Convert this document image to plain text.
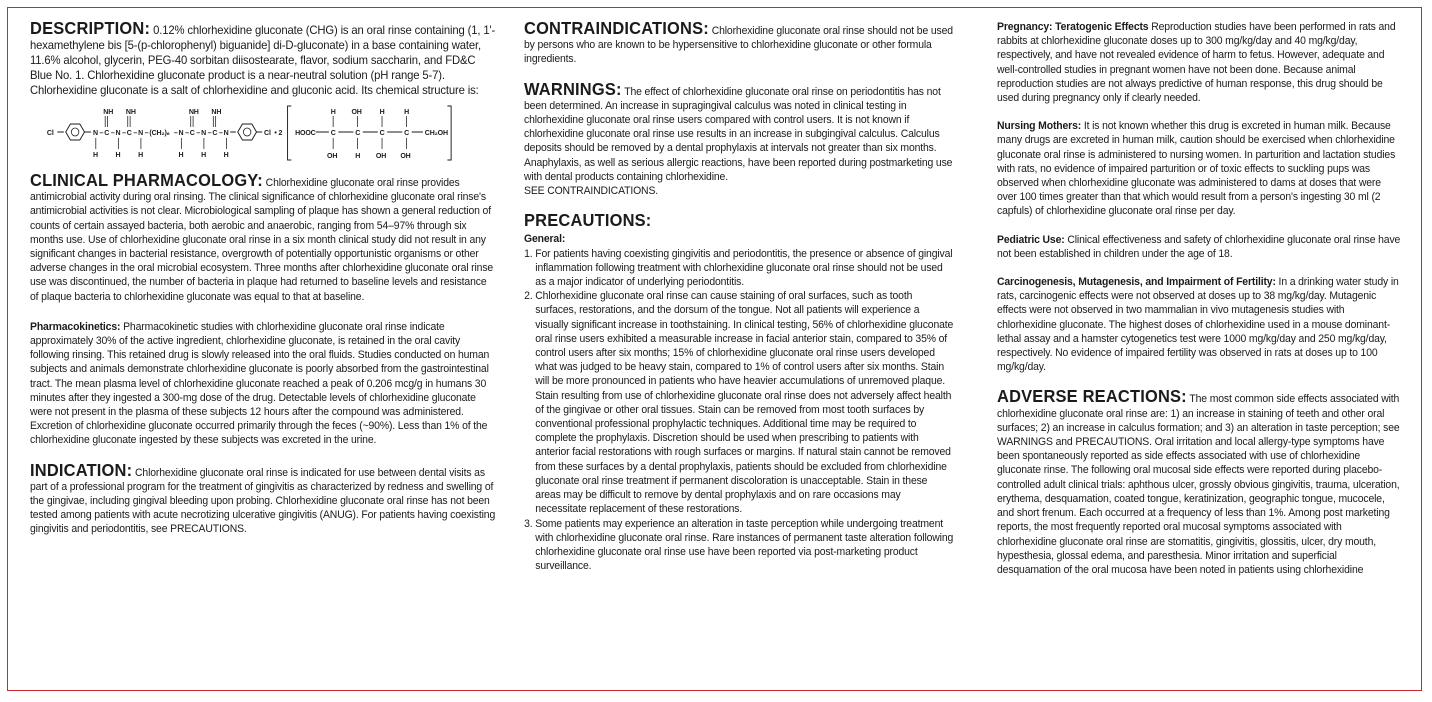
DESCRIPTION: 0.12% chlorhexidine gluconate (CHG) is an oral rinse containing (1, 1'-hexamethylene bis [5-(p-chlorophenyl) biguanide] di-D-gluconate) in a base containing water, 11.6% alcohol, glycerin, PEG-40 sorbitan diisostearate, flavor, sodium saccharin, and FD&C Blue No. 1. Chlorhexidine gluconate product is a near-neutral solution (pH range 5-7). Chlorhexidine gluconate is a salt of chlorhexidine and gluconic acid. Its chemical structure is:

Cl	N – C – N – C – N – (CH₂)₆ – N – C – N – C – N	Cl • 2
NH NH	NH NH
H H H	H H H
HOOC C	C	C	C CH₂OH
H OH H	H
OH H OH OH

CLINICAL PHARMACOLOGY: Chlorhexidine gluconate oral rinse provides antimicrobial activity during oral rinsing. The clinical significance of chlorhexidine gluconate oral rinse's antimicrobial activities is not clear. Microbiological sampling of plaque has shown a general reduction of counts of certain assayed bacteria, both aerobic and anaerobic, ranging from 54–97% through six months use. Use of chlorhexidine gluconate oral rinse in a six month clinical study did not result in any significant changes in bacterial resistance, overgrowth of potentially opportunistic organisms or other adverse changes in the oral microbial ecosystem. Three months after chlorhexidine gluconate oral rinse use was discontinued, the number of bacteria in plaque had returned to baseline levels and resistance of plaque bacteria to chlorhexidine gluconate was equal to that at baseline.

Pharmacokinetics: Pharmacokinetic studies with chlorhexidine gluconate oral rinse indicate approximately 30% of the active ingredient, chlorhexidine gluconate, is retained in the oral cavity following rinsing. This retained drug is slowly released into the oral fluids. Studies conducted on human subjects and animals demonstrate chlorhexidine gluconate is poorly absorbed from the gastrointestinal tract. The mean plasma level of chlorhexidine gluconate reached a peak of 0.206 mcg/g in humans 30 minutes after they ingested a 300-mg dose of the drug. Detectable levels of chlorhexidine gluconate were not present in the plasma of these subjects 12 hours after the compound was administered. Excretion of chlorhexidine gluconate occurred primarily through the feces (~90%). Less than 1% of the chlorhexidine gluconate ingested by these subjects was excreted in the urine.

INDICATION: Chlorhexidine gluconate oral rinse is indicated for use between dental visits as part of a professional program for the treatment of gingivitis as characterized by redness and swelling of the gingivae, including gingival bleeding upon probing. Chlorhexidine gluconate oral rinse has not been tested among patients with acute necrotizing ulcerative gingivitis (ANUG). For patients having coexisting gingivitis and periodontitis, see PRECAUTIONS.

CONTRAINDICATIONS: Chlorhexidine gluconate oral rinse should not be used by persons who are known to be hypersensitive to chlorhexidine gluconate or other formula ingredients.

WARNINGS: The effect of chlorhexidine gluconate oral rinse on periodontitis has not been determined. An increase in supragingival calculus was noted in clinical testing in chlorhexidine gluconate oral rinse users compared with control users. It is not known if chlorhexidine gluconate oral rinse use results in an increase in subgingival calculus. Calculus deposits should be removed by a dental prophylaxis at intervals not greater than six months. Anaphylaxis, as well as serious allergic reactions, have been reported during postmarketing use with dental products containing chlorhexidine.

SEE CONTRAINDICATIONS.

PRECAUTIONS:
General:
1. For patients having coexisting gingivitis and periodontitis, the presence or absence of gingival inflammation following treatment with chlorhexidine gluconate oral rinse should not be used as a major indicator of underlying periodontitis.
2. Chlorhexidine gluconate oral rinse can cause staining of oral surfaces, such as tooth surfaces, restorations, and the dorsum of the tongue. Not all patients will experience a visually significant increase in toothstaining. In clinical testing, 56% of chlorhexidine gluconate oral rinse users exhibited a measurable increase in facial anterior stain, compared to 35% of control users after six months; 15% of chlorhexidine gluconate oral rinse users developed what was judged to be heavy stain, compared to 1% of control users after six months. Stain will be more pronounced in patients who have heavier accumulations of unremoved plaque. Stain resulting from use of chlorhexidine gluconate oral rinse does not adversely affect health of the gingivae or other oral tissues. Stain can be removed from most tooth surfaces by conventional professional prophylactic techniques. Additional time may be required to complete the prophylaxis. Discretion should be used when prescribing to patients with anterior facial restorations with rough surfaces or margins. If natural stain cannot be removed from these surfaces by a dental prophylaxis, patients should be excluded from chlorhexidine gluconate oral rinse treatment if permanent discoloration is unacceptable. Stain in these areas may be difficult to remove by dental prophylaxis and on rare occasions may necessitate replacement of these restorations.
3. Some patients may experience an alteration in taste perception while undergoing treatment with chlorhexidine gluconate oral rinse. Rare instances of permanent taste alteration following chlorhexidine gluconate oral rinse use have been reported via post-marketing product surveillance.

Pregnancy: Teratogenic Effects Reproduction studies have been performed in rats and rabbits at chlorhexidine gluconate doses up to 300 mg/kg/day and 40 mg/kg/day, respectively, and have not revealed evidence of harm to fetus. However, adequate and well-controlled studies in pregnant women have not been done. Because animal reproduction studies are not always predictive of human response, this drug should be used during pregnancy only if clearly needed.

Nursing Mothers: It is not known whether this drug is excreted in human milk. Because many drugs are excreted in human milk, caution should be exercised when chlorhexidine gluconate oral rinse is administered to nursing women. In parturition and lactation studies with rats, no evidence of impaired parturition or of toxic effects to suckling pups was observed when chlorhexidine gluconate was administered to dams at doses that were over 100 times greater than that which would result from a person's ingesting 30 ml (2 capfuls) of chlorhexidine gluconate oral rinse per day.

Pediatric Use: Clinical effectiveness and safety of chlorhexidine gluconate oral rinse have not been established in children under the age of 18.

Carcinogenesis, Mutagenesis, and Impairment of Fertility: In a drinking water study in rats, carcinogenic effects were not observed at doses up to 38 mg/kg/day. Mutagenic effects were not observed in two mammalian in vivo mutagenesis studies with chlorhexidine gluconate. The highest doses of chlorhexidine used in a mouse dominant-lethal assay and a hamster cytogenetics test were 1000 mg/kg/day and 250 mg/kg/day, respectively. No evidence of impaired fertility was observed in rats at doses up to 100 mg/kg/day.

ADVERSE REACTIONS: The most common side effects associated with chlorhexidine gluconate oral rinse are: 1) an increase in staining of teeth and other oral surfaces; 2) an increase in calculus formation; and 3) an alteration in taste perception; see WARNINGS and PRECAUTIONS. Oral irritation and local allergy-type symptoms have been spontaneously reported as side effects associated with use of chlorhexidine gluconate rinse. The following oral mucosal side effects were reported during placebo-controlled adult clinical trials: aphthous ulcer, grossly obvious gingivitis, trauma, ulceration, erythema, desquamation, coated tongue, keratinization, geographic tongue, mucocele, and short frenum. Each occurred at a frequency of less than 1%. Among post marketing reports, the most frequently reported oral mucosal symptoms associated with chlorhexidine gluconate oral rinse are stomatitis, gingivitis, glossitis, ulcer, dry mouth, hypesthesia, glossal edema, and paresthesia. Minor irritation and superficial desquamation of the oral mucosa have been noted in patients using chlorhexidine
